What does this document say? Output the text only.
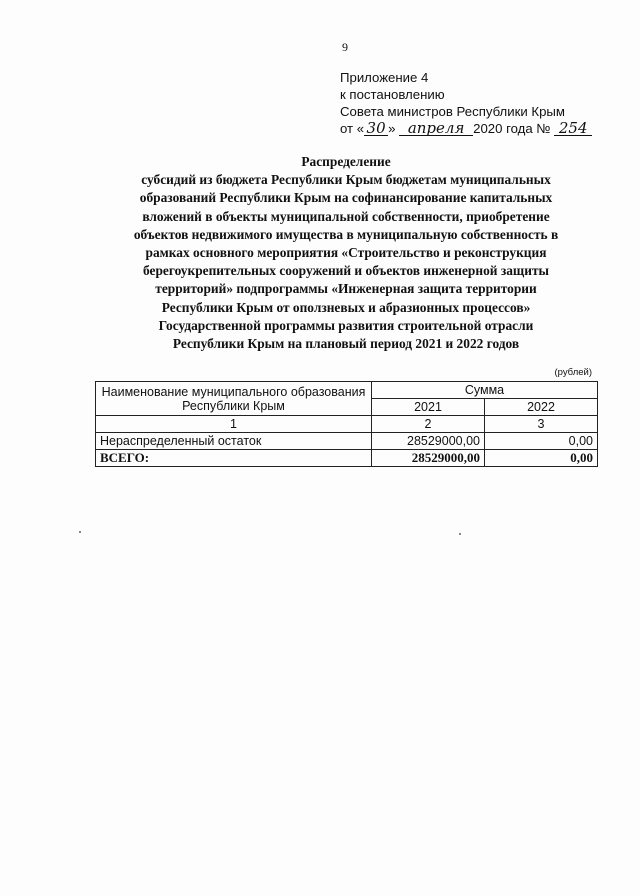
9
Приложение 4
к постановлению
Совета министров Республики Крым
от « 30 » апреля 2020 года № 254
Распределение
субсидий из бюджета Республики Крым бюджетам муниципальных
образований Республики Крым на софинансирование капитальных
вложений в объекты муниципальной собственности, приобретение
объектов недвижимого имущества в муниципальную собственность в
рамках основного мероприятия «Строительство и реконструкция
берегоукрепительных сооружений и объектов инженерной защиты
территорий» подпрограммы «Инженерная защита территории
Республики Крым от оползневых и абразионных процессов»
Государственной программы развития строительной отрасли
Республики Крым на плановый период 2021 и 2022 годов
(рублей)
Наименование муниципального образования Республики Крым	Сумма	
	2021	2022
1	2	3
Нераспределенный остаток	28529000,00	0,00
ВСЕГО:	28529000,00	0,00
